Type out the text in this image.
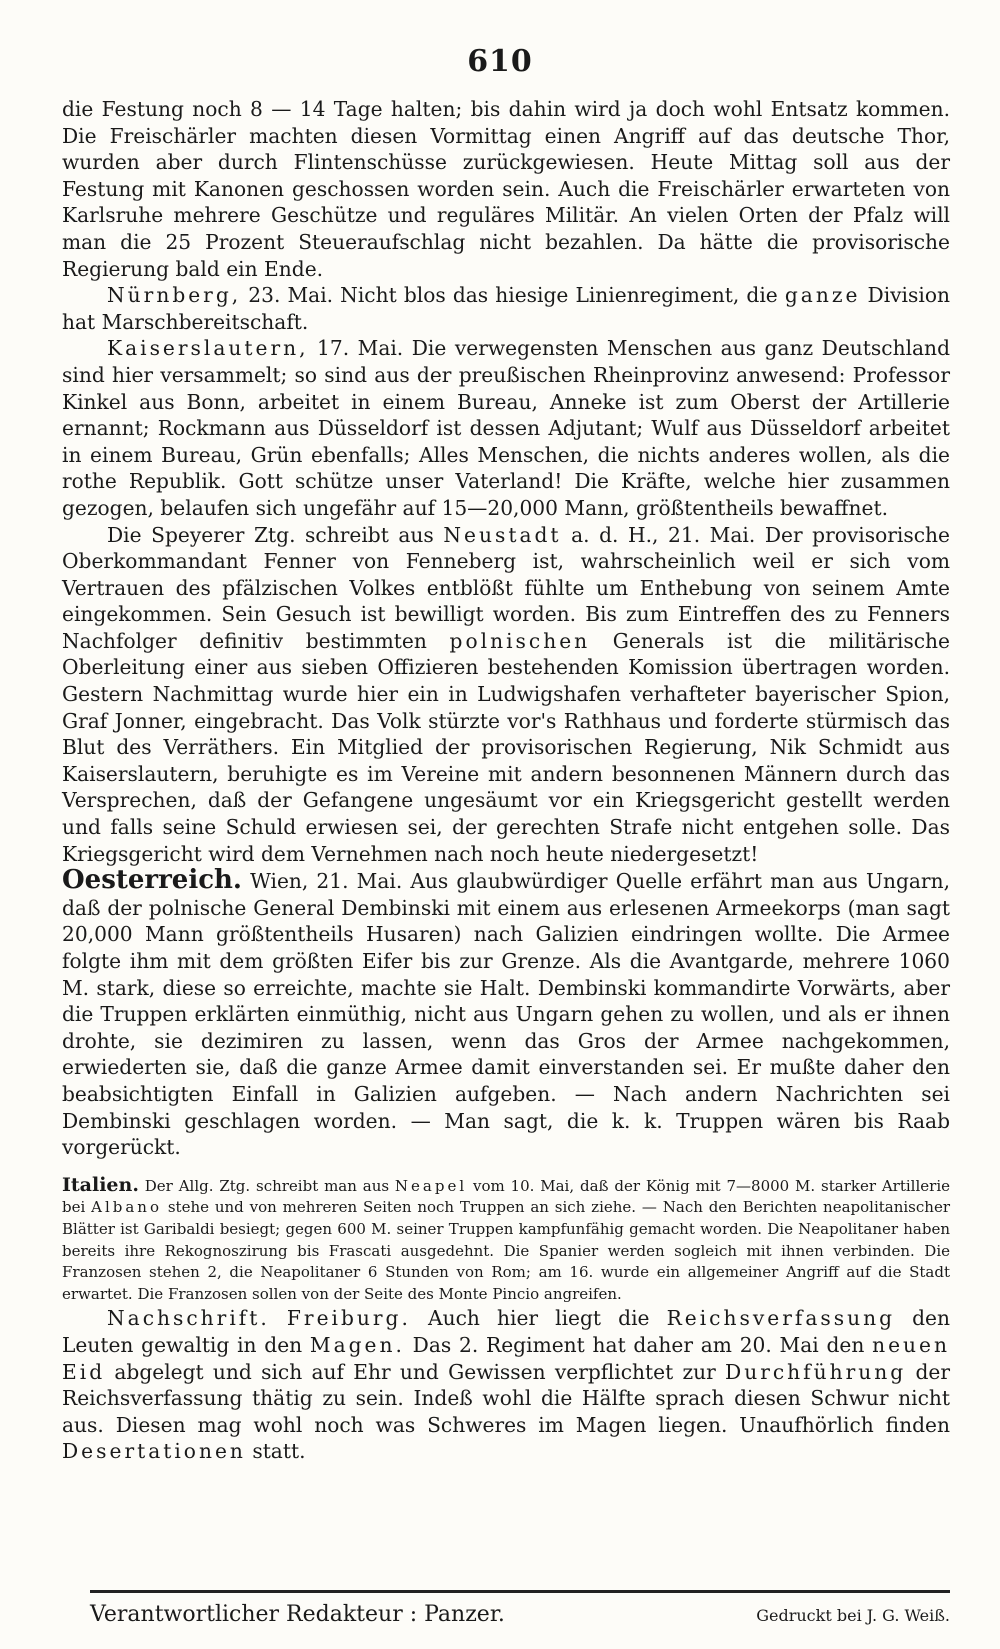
610

die Festung noch 8 — 14 Tage halten; bis dahin wird ja doch wohl Entsatz kommen. Die Freischärler machten diesen Vormittag einen Angriff auf das deutsche Thor, wurden aber durch Flintenschüsse zurückgewiesen. Heute Mittag soll aus der Festung mit Kanonen geschossen worden sein. Auch die Freischärler erwarteten von Karlsruhe mehrere Geschütze und reguläres Militär. An vielen Orten der Pfalz will man die 25 Prozent Steueraufschlag nicht bezahlen. Da hätte die provisorische Regierung bald ein Ende.

Nürnberg, 23. Mai. Nicht blos das hiesige Linienregiment, die ganze Division hat Marschbereitschaft.

Kaiserslautern, 17. Mai. Die verwegensten Menschen aus ganz Deutschland sind hier versammelt; so sind aus der preußischen Rheinprovinz anwesend: Professor Kinkel aus Bonn, arbeitet in einem Bureau, Anneke ist zum Oberst der Artillerie ernannt; Rockmann aus Düsseldorf ist dessen Adjutant; Wulf aus Düsseldorf arbeitet in einem Bureau, Grün ebenfalls; Alles Menschen, die nichts anderes wollen, als die rothe Republik. Gott schütze unser Vaterland! Die Kräfte, welche hier zusammen gezogen, belaufen sich ungefähr auf 15—20,000 Mann, größtentheils bewaffnet.

Die Speyerer Ztg. schreibt aus Neustadt a. d. H., 21. Mai. Der provisorische Oberkommandant Fenner von Fenneberg ist, wahrscheinlich weil er sich vom Vertrauen des pfälzischen Volkes entblößt fühlte um Enthebung von seinem Amte eingekommen. Sein Gesuch ist bewilligt worden. Bis zum Eintreffen des zu Fenners Nachfolger definitiv bestimmten polnischen Generals ist die militärische Oberleitung einer aus sieben Offizieren bestehenden Komission übertragen worden. Gestern Nachmittag wurde hier ein in Ludwigshafen verhafteter bayerischer Spion, Graf Jonner, eingebracht. Das Volk stürzte vor's Rathhaus und forderte stürmisch das Blut des Verräthers. Ein Mitglied der provisorischen Regierung, Nik Schmidt aus Kaiserslautern, beruhigte es im Vereine mit andern besonnenen Männern durch das Versprechen, daß der Gefangene ungesäumt vor ein Kriegsgericht gestellt werden und falls seine Schuld erwiesen sei, der gerechten Strafe nicht entgehen solle. Das Kriegsgericht wird dem Vernehmen nach noch heute niedergesetzt!

Oesterreich. Wien, 21. Mai. Aus glaubwürdiger Quelle erfährt man aus Ungarn, daß der polnische General Dembinski mit einem aus erlesenen Armeekorps (man sagt 20,000 Mann größtentheils Husaren) nach Galizien eindringen wollte. Die Armee folgte ihm mit dem größten Eifer bis zur Grenze. Als die Avantgarde, mehrere 1060 M. stark, diese so erreichte, machte sie Halt. Dembinski kommandirte Vorwärts, aber die Truppen erklärten einmüthig, nicht aus Ungarn gehen zu wollen, und als er ihnen drohte, sie dezimiren zu lassen, wenn das Gros der Armee nachgekommen, erwiederten sie, daß die ganze Armee damit einverstanden sei. Er mußte daher den beabsichtigten Einfall in Galizien aufgeben. — Nach andern Nachrichten sei Dembinski geschlagen worden. — Man sagt, die k. k. Truppen wären bis Raab vorgerückt.

Italien. Der Allg. Ztg. schreibt man aus Neapel vom 10. Mai, daß der König mit 7—8000 M. starker Artillerie bei Albano stehe und von mehreren Seiten noch Truppen an sich ziehe. — Nach den Berichten neapolitanischer Blätter ist Garibaldi besiegt; gegen 600 M. seiner Truppen kampfunfähig gemacht worden. Die Neapolitaner haben bereits ihre Rekognoszirung bis Frascati ausgedehnt. Die Spanier werden sogleich mit ihnen verbinden. Die Franzosen stehen 2, die Neapolitaner 6 Stunden von Rom; am 16. wurde ein allgemeiner Angriff auf die Stadt erwartet. Die Franzosen sollen von der Seite des Monte Pincio angreifen.

Nachschrift. Freiburg. Auch hier liegt die Reichsverfassung den Leuten gewaltig in den Magen. Das 2. Regiment hat daher am 20. Mai den neuen Eid abgelegt und sich auf Ehr und Gewissen verpflichtet zur Durchführung der Reichsverfassung thätig zu sein. Indeß wohl die Hälfte sprach diesen Schwur nicht aus. Diesen mag wohl noch was Schweres im Magen liegen. Unaufhörlich finden Desertationen statt.

Verantwortlicher Redakteur : Panzer.	Gedruckt bei J. G. Weiß.
